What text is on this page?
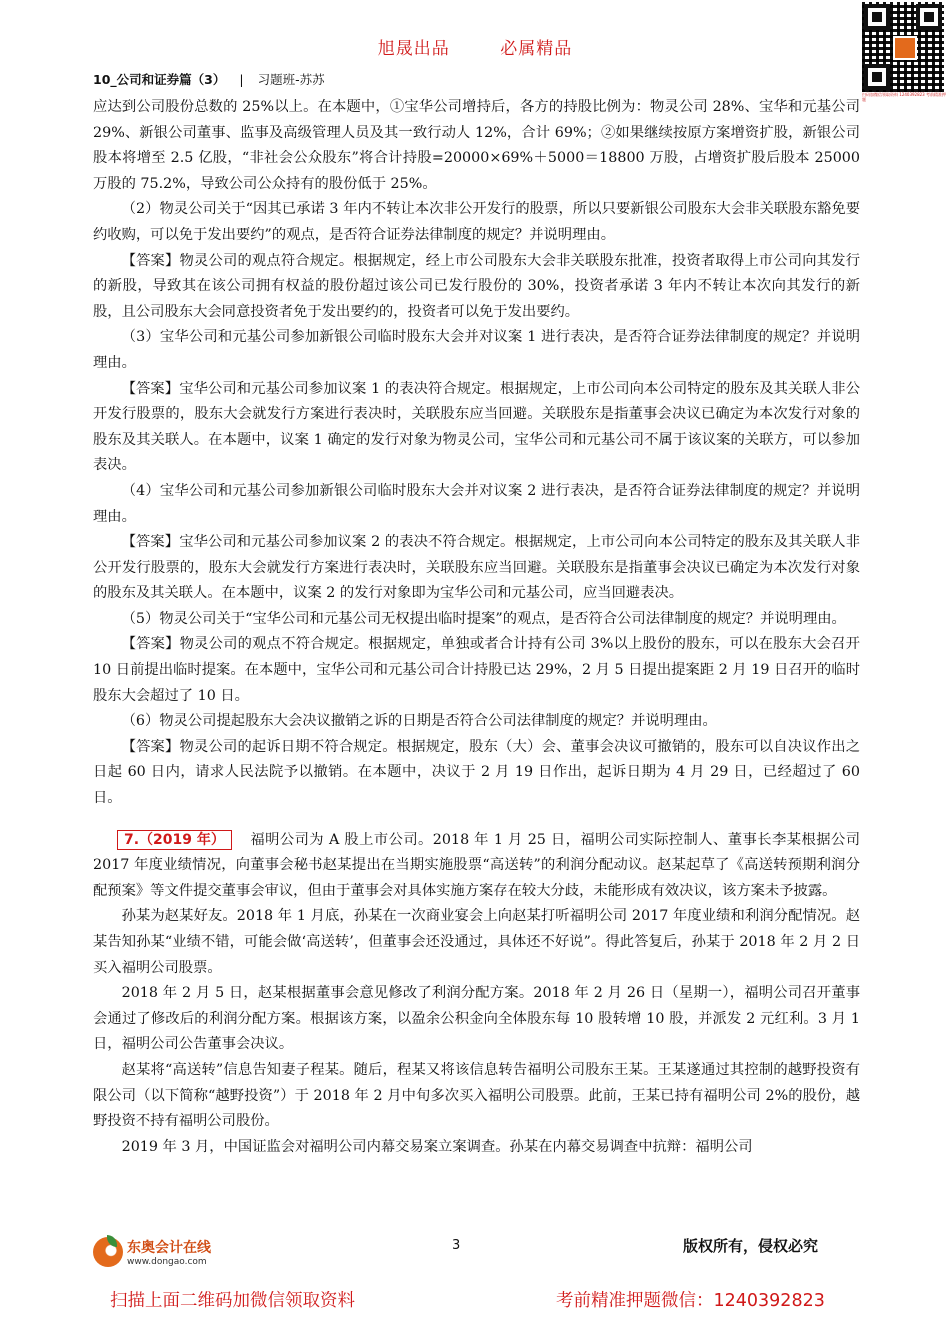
旭晟出品	必属精品
扫码加微信领取资料 1240392823 考前精准押题
10_公司和证券篇（3） | 习题班-苏苏

应达到公司股份总数的 25%以上。在本题中，①宝华公司增持后，各方的持股比例为：物灵公司 28%、宝华和元基公司 29%、新银公司董事、监事及高级管理人员及其一致行动人 12%，合计 69%；②如果继续按原方案增资扩股，新银公司股本将增至 2.5 亿股，“非社会公众股东”将合计持股=20000×69%＋5000＝18800 万股，占增资扩股后股本 25000 万股的 75.2%，导致公司公众持有的股份低于 25%。

（2）物灵公司关于“因其已承诺 3 年内不转让本次非公开发行的股票，所以只要新银公司股东大会非关联股东豁免要约收购，可以免于发出要约”的观点，是否符合证券法律制度的规定？并说明理由。

【答案】物灵公司的观点符合规定。根据规定，经上市公司股东大会非关联股东批准，投资者取得上市公司向其发行的新股，导致其在该公司拥有权益的股份超过该公司已发行股份的 30%，投资者承诺 3 年内不转让本次向其发行的新股，且公司股东大会同意投资者免于发出要约的，投资者可以免于发出要约。

（3）宝华公司和元基公司参加新银公司临时股东大会并对议案 1 进行表决，是否符合证券法律制度的规定？并说明理由。

【答案】宝华公司和元基公司参加议案 1 的表决符合规定。根据规定，上市公司向本公司特定的股东及其关联人非公开发行股票的，股东大会就发行方案进行表决时，关联股东应当回避。关联股东是指董事会决议已确定为本次发行对象的股东及其关联人。在本题中，议案 1 确定的发行对象为物灵公司，宝华公司和元基公司不属于该议案的关联方，可以参加表决。

（4）宝华公司和元基公司参加新银公司临时股东大会并对议案 2 进行表决，是否符合证券法律制度的规定？并说明理由。

【答案】宝华公司和元基公司参加议案 2 的表决不符合规定。根据规定，上市公司向本公司特定的股东及其关联人非公开发行股票的，股东大会就发行方案进行表决时，关联股东应当回避。关联股东是指董事会决议已确定为本次发行对象的股东及其关联人。在本题中，议案 2 的发行对象即为宝华公司和元基公司，应当回避表决。

（5）物灵公司关于“宝华公司和元基公司无权提出临时提案”的观点，是否符合公司法律制度的规定？并说明理由。

【答案】物灵公司的观点不符合规定。根据规定，单独或者合计持有公司 3%以上股份的股东，可以在股东大会召开 10 日前提出临时提案。在本题中，宝华公司和元基公司合计持股已达 29%，2 月 5 日提出提案距 2 月 19 日召开的临时股东大会超过了 10 日。

（6）物灵公司提起股东大会决议撤销之诉的日期是否符合公司法律制度的规定？并说明理由。

【答案】物灵公司的起诉日期不符合规定。根据规定，股东（大）会、董事会决议可撤销的，股东可以自决议作出之日起 60 日内，请求人民法院予以撤销。在本题中，决议于 2 月 19 日作出，起诉日期为 4 月 29 日，已经超过了 60 日。

7.（2019 年） 福明公司为 A 股上市公司。2018 年 1 月 25 日，福明公司实际控制人、董事长李某根据公司 2017 年度业绩情况，向董事会秘书赵某提出在当期实施股票“高送转”的利润分配动议。赵某起草了《高送转预期利润分配预案》等文件提交董事会审议，但由于董事会对具体实施方案存在较大分歧，未能形成有效决议，该方案未予披露。

孙某为赵某好友。2018 年 1 月底，孙某在一次商业宴会上向赵某打听福明公司 2017 年度业绩和利润分配情况。赵某告知孙某“业绩不错，可能会做‘高送转’，但董事会还没通过，具体还不好说”。得此答复后，孙某于 2018 年 2 月 2 日买入福明公司股票。

2018 年 2 月 5 日，赵某根据董事会意见修改了利润分配方案。2018 年 2 月 26 日（星期一），福明公司召开董事会通过了修改后的利润分配方案。根据该方案，以盈余公积金向全体股东每 10 股转增 10 股，并派发 2 元红利。3 月 1 日，福明公司公告董事会决议。

赵某将“高送转”信息告知妻子程某。随后，程某又将该信息转告福明公司股东王某。王某遂通过其控制的越野投资有限公司（以下简称“越野投资”）于 2018 年 2 月中旬多次买入福明公司股票。此前，王某已持有福明公司 2%的股份，越野投资不持有福明公司股份。

2019 年 3 月，中国证监会对福明公司内幕交易案立案调查。孙某在内幕交易调查中抗辩：福明公司

东奥会计在线
www.dongao.com
3	版权所有，侵权必究
扫描上面二维码加微信领取资料	考前精准押题微信：1240392823
